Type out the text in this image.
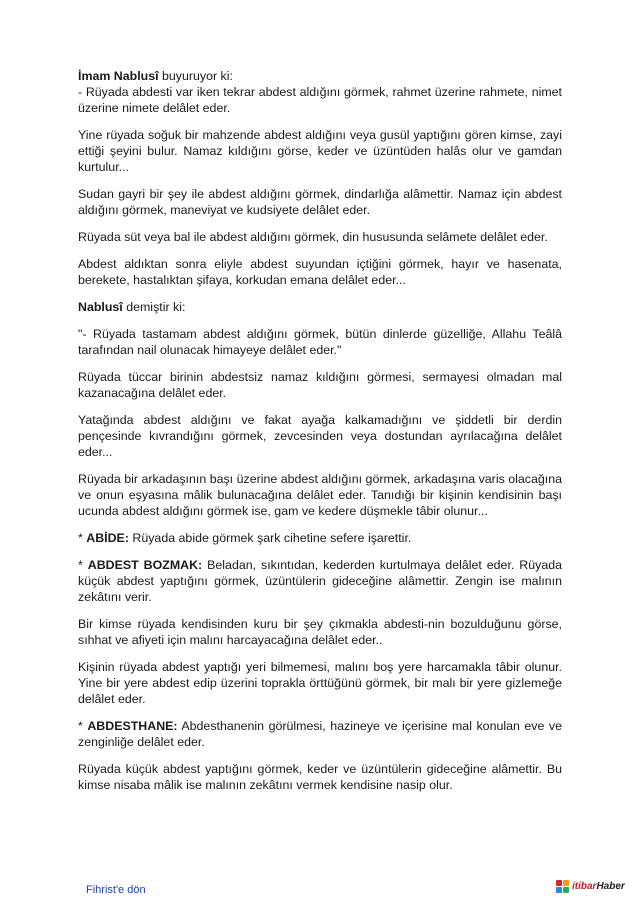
İmam Nablusî buyuruyor ki:
- Rüyada abdesti var iken tekrar abdest aldığını görmek, rahmet üzerine rahmete, nimet üzerine nimete delâlet eder.

Yine rüyada soğuk bir mahzende abdest aldığını veya gusül yaptığını gören kimse, zayi ettiği şeyini bulur. Namaz kıldığını görse, keder ve üzüntüden halâs olur ve gamdan kurtulur...

Sudan gayri bir şey ile abdest aldığını görmek, dindarlığa alâmettir. Namaz için abdest aldığını görmek, maneviyat ve kudsiyete delâlet eder.

Rüyada süt veya bal ile abdest aldığını görmek, din hususunda selâmete delâlet eder.

Abdest aldıktan sonra eliyle abdest suyundan içtiğini görmek, hayır ve hasenata, berekete, hastalıktan şifaya, korkudan emana delâlet eder...

Nablusî demiştir ki:

"- Rüyada tastamam abdest aldığını görmek, bütün dinlerde güzelliğe, Allahu Teâlâ tarafından nail olunacak himayeye delâlet eder."

Rüyada tüccar birinin abdestsiz namaz kıldığını görmesi, sermayesi olmadan mal kazanacağına delâlet eder.

Yatağında abdest aldığını ve fakat ayağa kalkamadığını ve şiddetli bir derdin pençesinde kıvrandığını görmek, zevcesinden veya dostundan ayrılacağına delâlet eder...

Rüyada bir arkadaşının başı üzerine abdest aldığını görmek, arkadaşına varis olacağına ve onun eşyasına mâlik bulunacağına delâlet eder. Tanıdığı bir kişinin kendisinin başı ucunda abdest aldığını görmek ise, gam ve kedere düşmekle tâbir olunur...

* ABİDE: Rüyada abide görmek şark cihetine sefere işarettir.

* ABDEST BOZMAK: Beladan, sıkıntıdan, kederden kurtulmaya delâlet eder. Rüyada küçük abdest yaptığını görmek, üzüntülerin gideceğine alâmettir. Zengin ise malının zekâtını verir.

Bir kimse rüyada kendisinden kuru bir şey çıkmakla abdesti-nin bozulduğunu görse, sıhhat ve afiyeti için malını harcayacağına delâlet eder..

Kişinin rüyada abdest yaptığı yeri bilmemesi, malını boş yere harcamakla tâbir olunur. Yine bir yere abdest edip üzerini toprakla örttüğünü görmek, bir malı bir yere gizlemeğe delâlet eder.

* ABDESTHANE: Abdesthanenin görülmesi, hazineye ve içerisine mal konulan eve ve zenginliğe delâlet eder.

Rüyada küçük abdest yaptığını görmek, keder ve üzüntülerin gideceğine alâmettir. Bu kimse nisaba mâlik ise malının zekâtını vermek kendisine nasip olur.

Fihrist'e dön	itibarHaber
